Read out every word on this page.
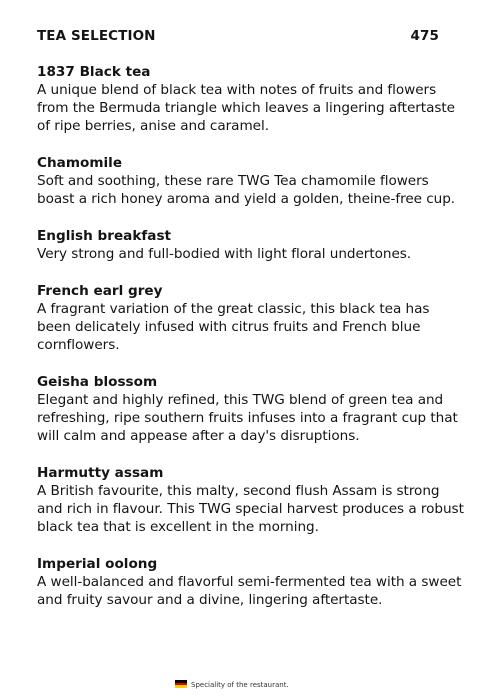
TEA SELECTION	475
1837 Black tea
A unique blend of black tea with notes of fruits and flowers from the Bermuda triangle which leaves a lingering aftertaste of ripe berries, anise and caramel.
Chamomile
Soft and soothing, these rare TWG Tea chamomile flowers boast a rich honey aroma and yield a golden, theine-free cup.
English breakfast
Very strong and full-bodied with light floral undertones.
French earl grey
A fragrant variation of the great classic, this black tea has been delicately infused with citrus fruits and French blue cornflowers.
Geisha blossom
Elegant and highly refined, this TWG blend of green tea and refreshing, ripe southern fruits infuses into a fragrant cup that will calm and appease after a day's disruptions.
Harmutty assam
A British favourite, this malty, second flush Assam is strong and rich in flavour. This TWG special harvest produces a robust black tea that is excellent in the morning.
Imperial oolong
A well-balanced and flavorful semi-fermented tea with a sweet and fruity savour and a divine, lingering aftertaste.
Speciality of the restaurant.
